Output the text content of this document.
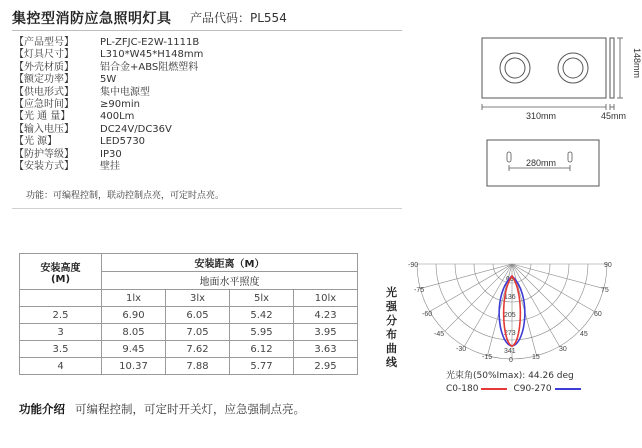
集控型消防应急照明灯具 产品代码：PL554
【产品型号】	PL-ZFJC-E2W-1111B
【灯具尺寸】	L310*W45*H148mm
【外壳材质】	铝合金+ABS阻燃塑料
【额定功率】	5W
【供电形式】	集中电源型
【应急时间】	≥90min
【光 通 量】	400Lm
【输入电压】	DC24V/DC36V
【光 源】	LED5730
【防护等级】	IP30
【安装方式】	壁挂
功能：可编程控制，联动控制点亮，可定时点亮。
310mm
148mm
45mm
280mm
安装高度(M)	安装距离（M）			
	地面水平照度			
	1lx	3lx	5lx	10lx
2.5	6.90	6.05	5.42	4.23
3	8.05	7.05	5.95	3.95
3.5	9.45	7.62	6.12	3.63
4	10.37	7.88	5.77	2.95
功能介绍 可编程控制，可定时开关灯，应急强制点亮。
光强分布曲线
-90
-75
-60
-45
-30
-15 0	15
30
45
60
75
90
68
136
205
273
341
光束角(50%Imax): 44.26 deg
C0-180	C90-270
